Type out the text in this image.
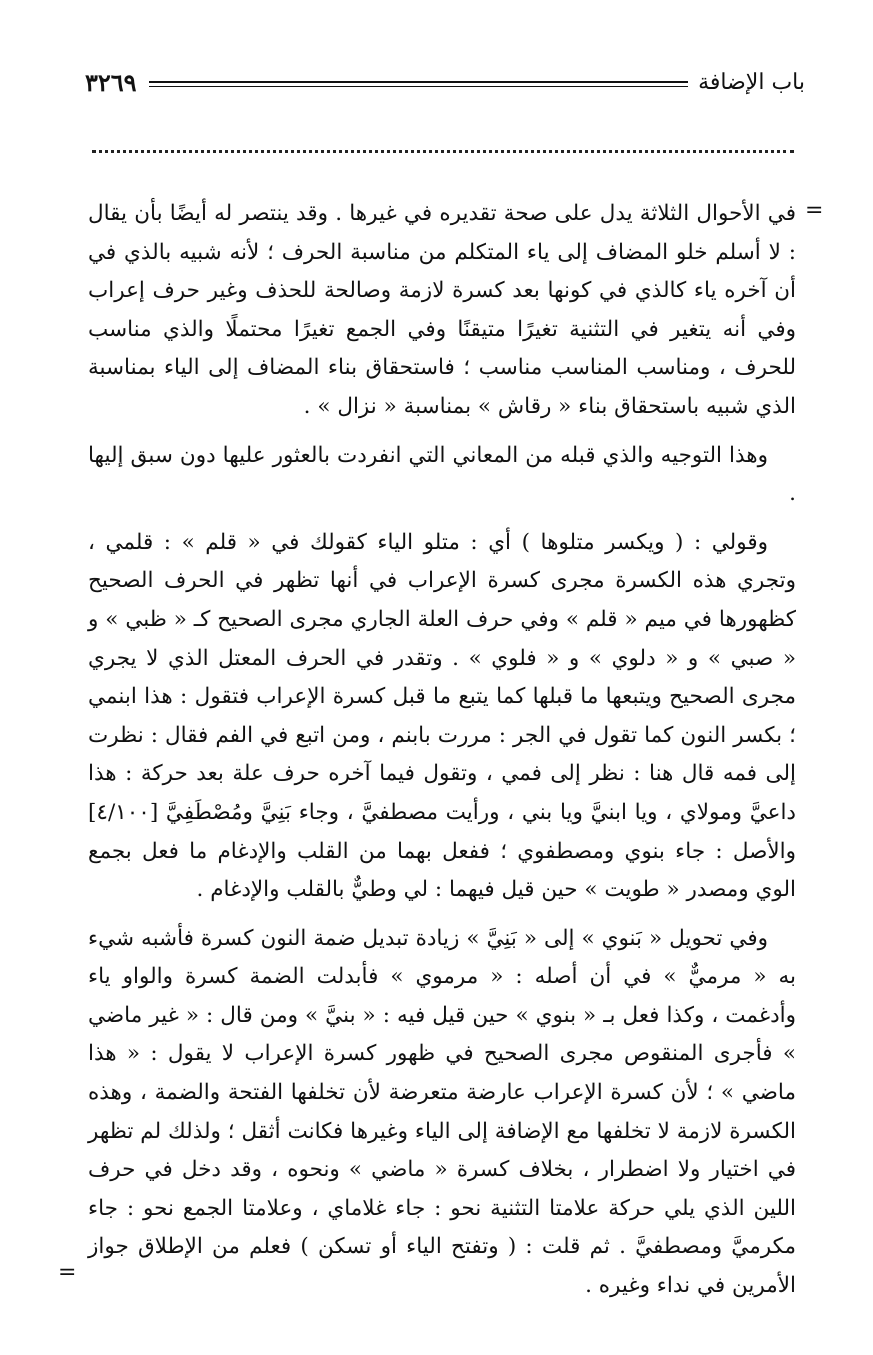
باب الإضافة
٣٢٦٩
=

في الأحوال الثلاثة يدل على صحة تقديره في غيرها . وقد ينتصر له أيضًا بأن يقال : لا أسلم خلو المضاف إلى ياء المتكلم من مناسبة الحرف ؛ لأنه شبيه بالذي في أن آخره ياء كالذي في كونها بعد كسرة لازمة وصالحة للحذف وغير حرف إعراب وفي أنه يتغير في التثنية تغيرًا متيقنًا وفي الجمع تغيرًا محتملًا والذي مناسب للحرف ، ومناسب المناسب مناسب ؛ فاستحقاق بناء المضاف إلى الياء بمناسبة الذي شبيه باستحقاق بناء « رقاش » بمناسبة « نزال » .

وهذا التوجيه والذي قبله من المعاني التي انفردت بالعثور عليها دون سبق إليها .

وقولي : ( ويكسر متلوها ) أي : متلو الياء كقولك في « قلم » : قلمي ، وتجري هذه الكسرة مجرى كسرة الإعراب في أنها تظهر في الحرف الصحيح كظهورها في ميم « قلم » وفي حرف العلة الجاري مجرى الصحيح كـ « ظبي » و « صبي » و « دلوي » و « فلوي » . وتقدر في الحرف المعتل الذي لا يجري مجرى الصحيح ويتبعها ما قبلها كما يتبع ما قبل كسرة الإعراب فتقول : هذا ابنمي ؛ بكسر النون كما تقول في الجر : مررت بابنم ، ومن اتبع في الفم فقال : نظرت إلى فمه قال هنا : نظر إلى فمي ، وتقول فيما آخره حرف علة بعد حركة : هذا داعيَّ ومولاي ، ويا ابنيَّ ويا بني ، ورأيت مصطفيَّ ، وجاء بَنِيَّ ومُصْطَفِيَّ [٤/١٠٠] والأصل : جاء بنوي ومصطفوي ؛ ففعل بهما من القلب والإدغام ما فعل بجمع الوي ومصدر « طويت » حين قيل فيهما : لي وطيٌّ بالقلب والإدغام .

وفي تحويل « بَنوي » إلى « بَنِيَّ » زيادة تبديل ضمة النون كسرة فأشبه شيء به « مرميٌّ » في أن أصله : « مرموي » فأبدلت الضمة كسرة والواو ياء وأدغمت ، وكذا فعل بـ « بنوي » حين قيل فيه : « بنيَّ » ومن قال : « غير ماضي » فأجرى المنقوص مجرى الصحيح في ظهور كسرة الإعراب لا يقول : « هذا ماضي » ؛ لأن كسرة الإعراب عارضة متعرضة لأن تخلفها الفتحة والضمة ، وهذه الكسرة لازمة لا تخلفها مع الإضافة إلى الياء وغيرها فكانت أثقل ؛ ولذلك لم تظهر في اختيار ولا اضطرار ، بخلاف كسرة « ماضي » ونحوه ، وقد دخل في حرف اللين الذي يلي حركة علامتا التثنية نحو : جاء غلاماي ، وعلامتا الجمع نحو : جاء مكرميَّ ومصطفيَّ . ثم قلت : ( وتفتح الياء أو تسكن ) فعلم من الإطلاق جواز الأمرين في نداء وغيره .

=
